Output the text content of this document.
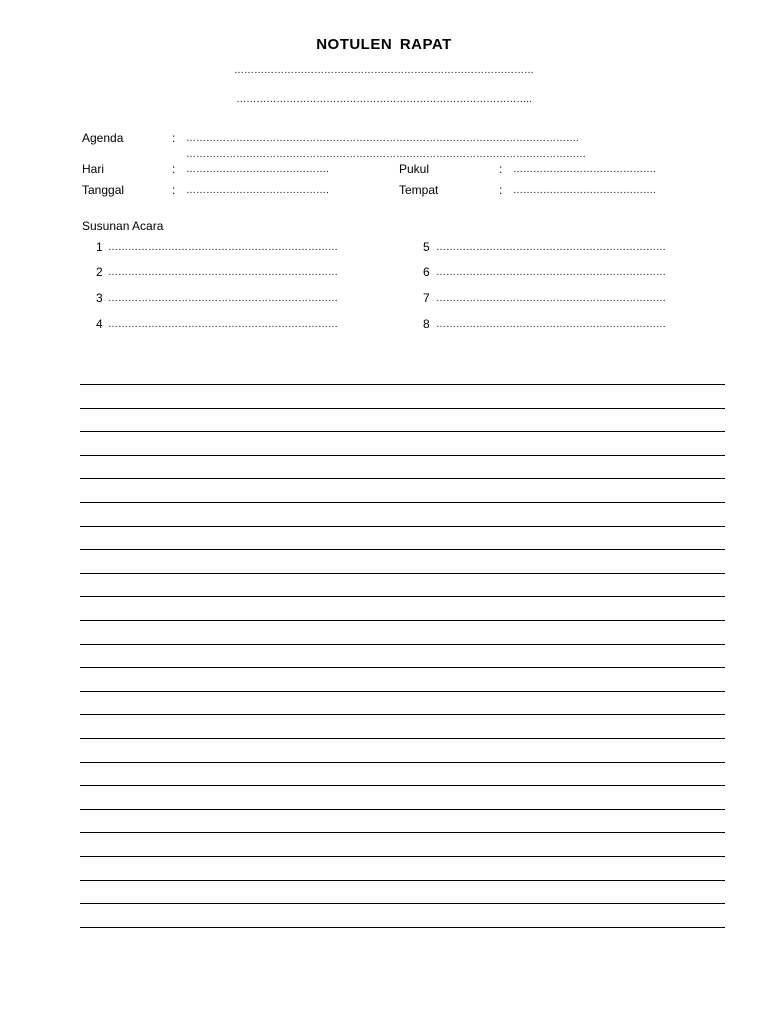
NOTULEN RAPAT
………………………………………………………………………………
……………………………………………………………………………..
Agenda	: ……………………………………………………………………………………………………….
…………………………………………………………………………………………………………
Hari	: …………………………………….	Pukul	: …………………………………….
Tanggal	: …………………………………….	Tempat	: …………………………………….
Susunan Acara
1 ……………………………………………………………
2 ……………………………………………………………
3 ……………………………………………………………
4 ……………………………………………………………
5 ……………………………………………………………
6 ……………………………………………………………
7 ……………………………………………………………
8 ……………………………………………………………
